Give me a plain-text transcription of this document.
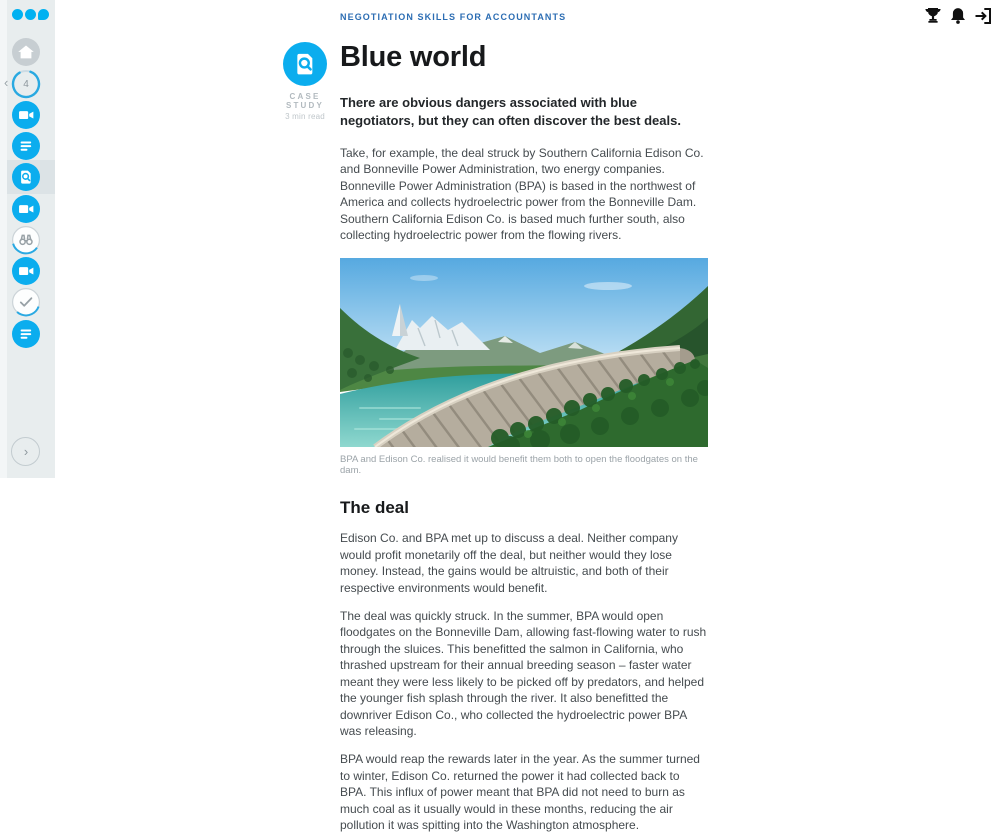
‹	4
›
NEGOTIATION SKILLS FOR ACCOUNTANTS
CASE
STUDY
3 min read
Blue world

There are obvious dangers associated with blue negotiators, but they can often discover the best deals.

Take, for example, the deal struck by Southern California Edison Co. and Bonneville Power Administration, two energy companies. Bonneville Power Administration (BPA) is based in the northwest of America and collects hydroelectric power from the Bonneville Dam. Southern California Edison Co. is based much further south, also collecting hydroelectric power from the flowing rivers.

BPA and Edison Co. realised it would benefit them both to open the floodgates on the dam.
The deal

Edison Co. and BPA met up to discuss a deal. Neither company would profit monetarily off the deal, but neither would they lose money. Instead, the gains would be altruistic, and both of their respective environments would benefit.

The deal was quickly struck. In the summer, BPA would open floodgates on the Bonneville Dam, allowing fast-flowing water to rush through the sluices. This benefitted the salmon in California, who thrashed upstream for their annual breeding season – faster water meant they were less likely to be picked off by predators, and helped the younger fish splash through the river. It also benefitted the downriver Edison Co., who collected the hydroelectric power BPA was releasing.

BPA would reap the rewards later in the year. As the summer turned to winter, Edison Co. returned the power it had collected back to BPA. This influx of power meant that BPA did not need to burn as much coal as it usually would in these months, reducing the air pollution it was spitting into the Washington atmosphere.
